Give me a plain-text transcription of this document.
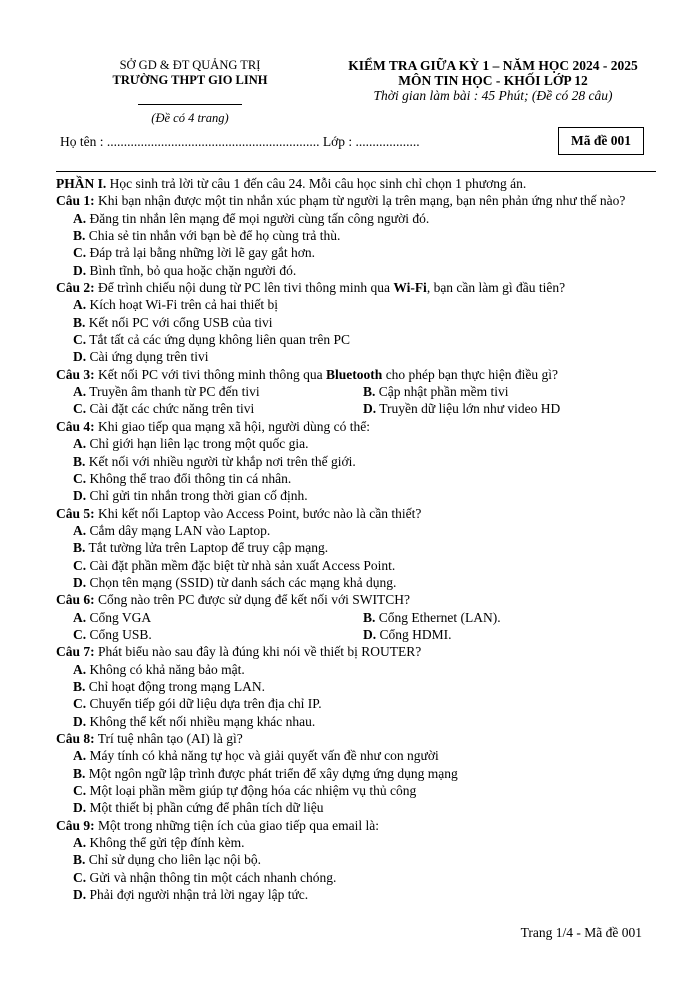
SỞ GD & ĐT QUẢNG TRỊ
TRƯỜNG THPT GIO LINH
(Đề có 4 trang)
KIỂM TRA GIỮA KỲ 1 – NĂM HỌC 2024 - 2025
MÔN TIN HỌC - KHỐI LỚP 12
Thời gian làm bài : 45 Phút; (Đề có 28 câu)
Họ tên : ............................................................... Lớp : ...................	Mã đề 001

PHẦN I. Học sinh trả lời từ câu 1 đến câu 24. Mỗi câu học sinh chỉ chọn 1 phương án.

Câu 1: Khi bạn nhận được một tin nhắn xúc phạm từ người lạ trên mạng, bạn nên phản ứng như thế nào?

A. Đăng tin nhắn lên mạng để mọi người cùng tấn công người đó.

B. Chia sẻ tin nhắn với bạn bè để họ cùng trả thù.

C. Đáp trả lại bằng những lời lẽ gay gắt hơn.

D. Bình tĩnh, bỏ qua hoặc chặn người đó.

Câu 2: Để trình chiếu nội dung từ PC lên tivi thông minh qua Wi-Fi, bạn cần làm gì đầu tiên?

A. Kích hoạt Wi-Fi trên cả hai thiết bị

B. Kết nối PC với cổng USB của tivi

C. Tắt tất cả các ứng dụng không liên quan trên PC

D. Cài ứng dụng trên tivi

Câu 3: Kết nối PC với tivi thông minh thông qua Bluetooth cho phép bạn thực hiện điều gì?

A. Truyền âm thanh từ PC đến tivi	B. Cập nhật phần mềm tivi
C. Cài đặt các chức năng trên tivi	D. Truyền dữ liệu lớn như video HD

Câu 4: Khi giao tiếp qua mạng xã hội, người dùng có thể:

A. Chỉ giới hạn liên lạc trong một quốc gia.

B. Kết nối với nhiều người từ khắp nơi trên thế giới.

C. Không thể trao đổi thông tin cá nhân.

D. Chỉ gửi tin nhắn trong thời gian cố định.

Câu 5: Khi kết nối Laptop vào Access Point, bước nào là cần thiết?

A. Cắm dây mạng LAN vào Laptop.

B. Tắt tường lửa trên Laptop để truy cập mạng.

C. Cài đặt phần mềm đặc biệt từ nhà sản xuất Access Point.

D. Chọn tên mạng (SSID) từ danh sách các mạng khả dụng.

Câu 6: Cổng nào trên PC được sử dụng để kết nối với SWITCH?

A. Cổng VGA	B. Cổng Ethernet (LAN).
C. Cổng USB.	D. Cổng HDMI.

Câu 7: Phát biểu nào sau đây là đúng khi nói về thiết bị ROUTER?

A. Không có khả năng bảo mật.

B. Chỉ hoạt động trong mạng LAN.

C. Chuyển tiếp gói dữ liệu dựa trên địa chỉ IP.

D. Không thể kết nối nhiều mạng khác nhau.

Câu 8: Trí tuệ nhân tạo (AI) là gì?

A. Máy tính có khả năng tự học và giải quyết vấn đề như con người

B. Một ngôn ngữ lập trình được phát triển để xây dựng ứng dụng mạng

C. Một loại phần mềm giúp tự động hóa các nhiệm vụ thủ công

D. Một thiết bị phần cứng để phân tích dữ liệu

Câu 9: Một trong những tiện ích của giao tiếp qua email là:

A. Không thể gửi tệp đính kèm.

B. Chỉ sử dụng cho liên lạc nội bộ.

C. Gửi và nhận thông tin một cách nhanh chóng.

D. Phải đợi người nhận trả lời ngay lập tức.

Trang 1/4 - Mã đề 001
